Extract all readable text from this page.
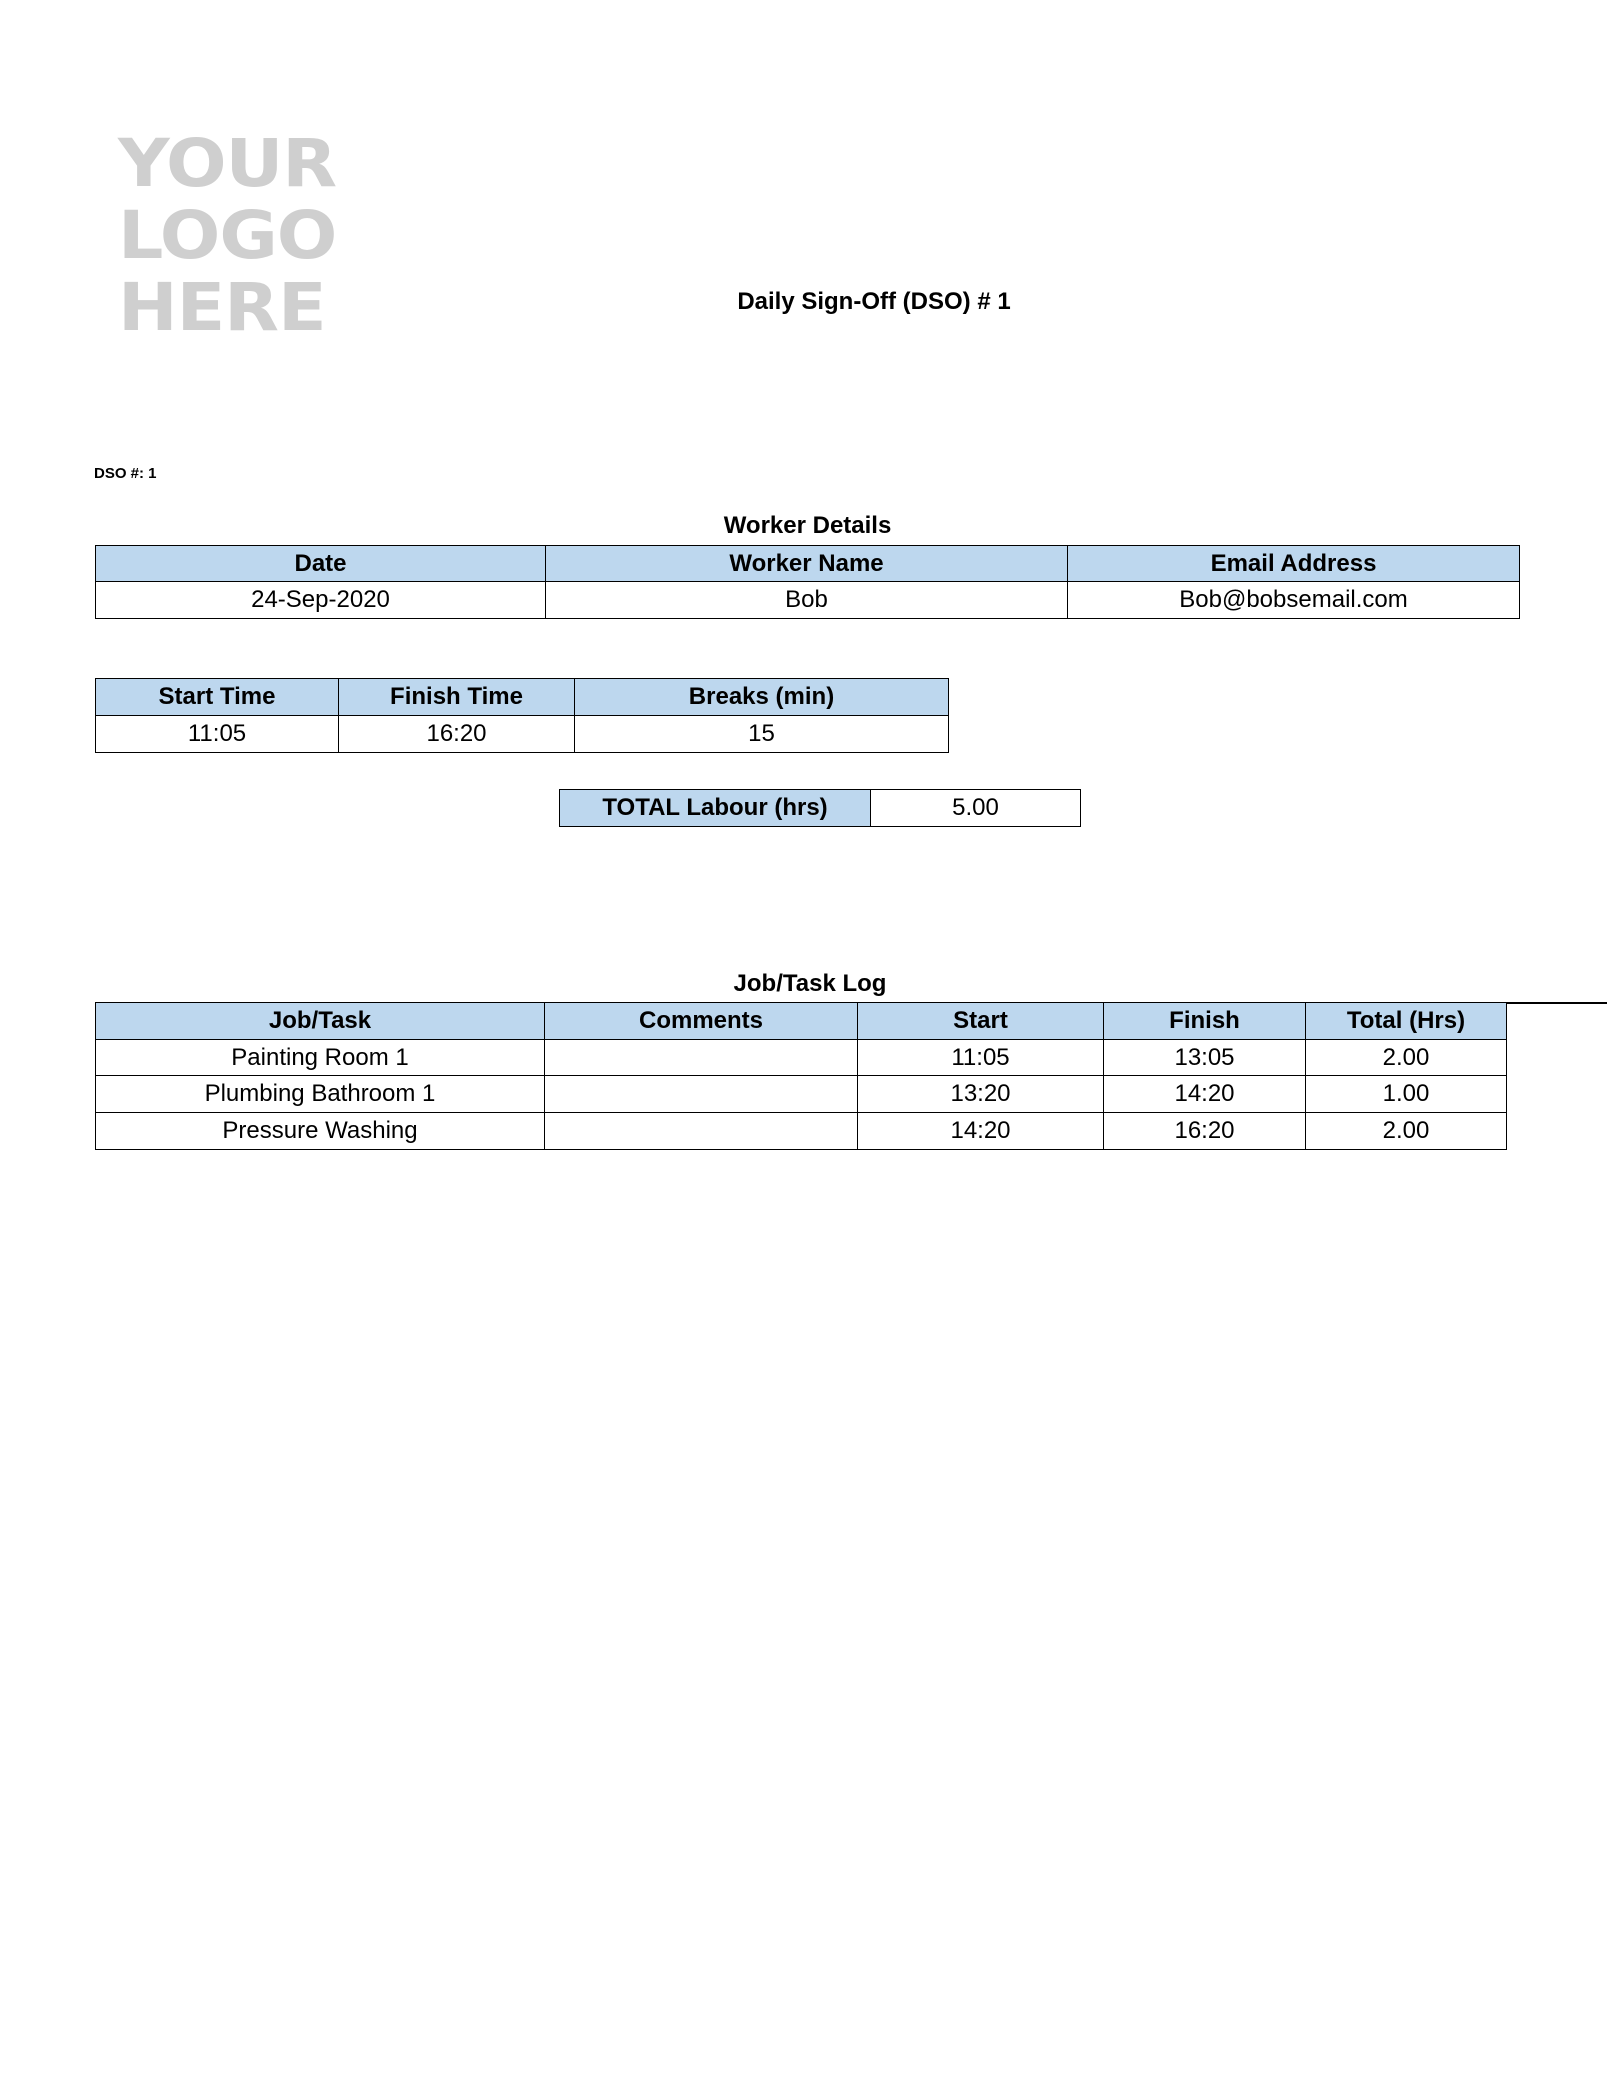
YOUR
LOGO
HERE	Daily Sign-Off (DSO) # 1
DSO #: 1
Worker Details
Date	Worker Name	Email Address
24-Sep-2020	Bob	Bob@bobsemail.com
Start Time	Finish Time	Breaks (min)
11:05	16:20	15
TOTAL Labour (hrs)	5.00
Job/Task Log
Job/Task	Comments	Start	Finish	Total (Hrs)
Painting Room 1		11:05	13:05	2.00
Plumbing Bathroom 1		13:20	14:20	1.00
Pressure Washing		14:20	16:20	2.00
